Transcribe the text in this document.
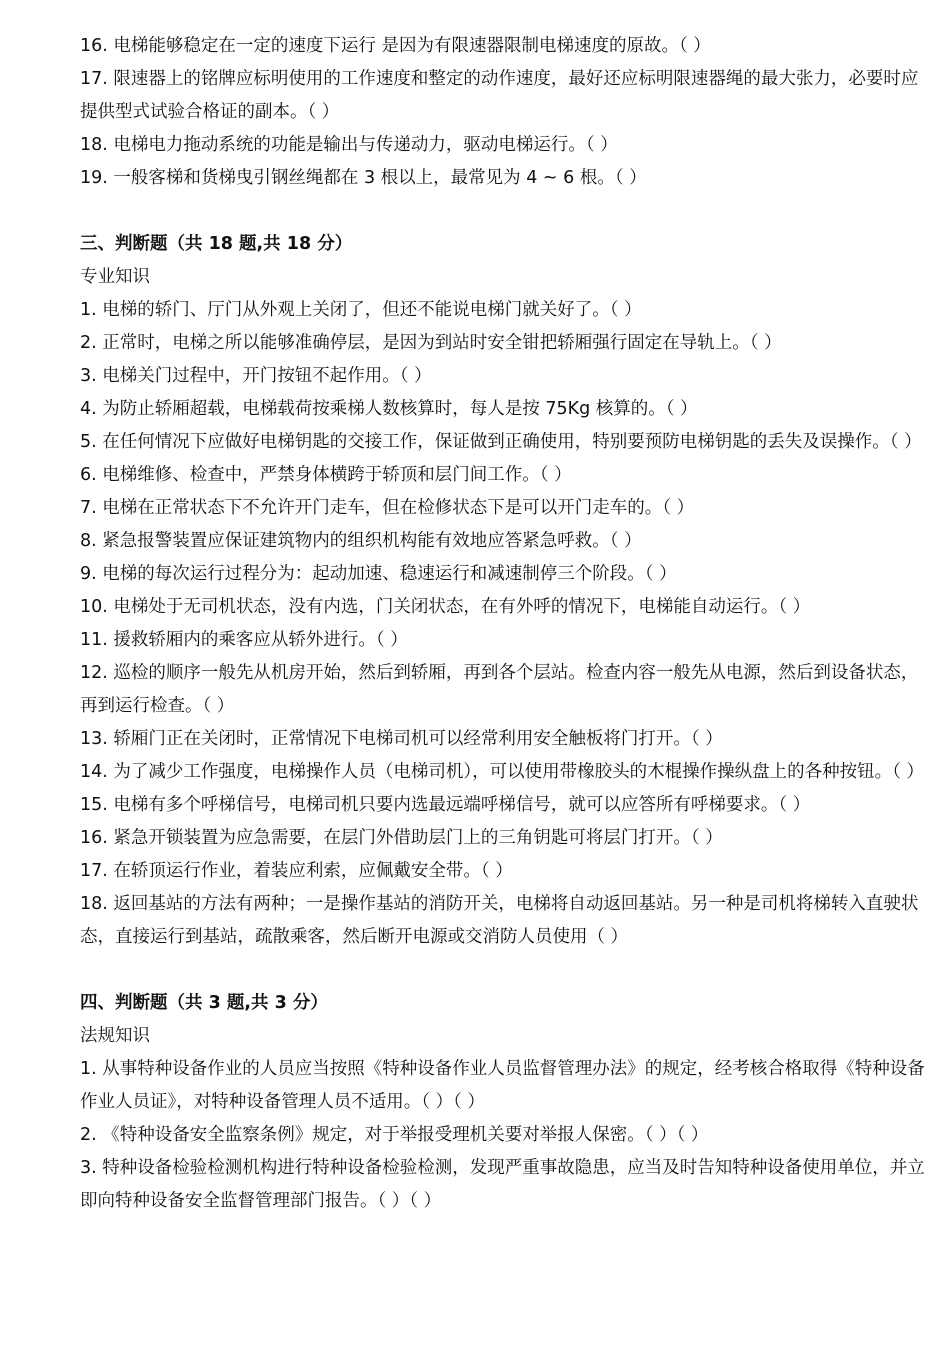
16. 电梯能够稳定在一定的速度下运行 是因为有限速器限制电梯速度的原故。（ ）
17. 限速器上的铭牌应标明使用的工作速度和整定的动作速度，最好还应标明限速器绳的最大张力，必要时应提供型式试验合格证的副本。（ ）
18. 电梯电力拖动系统的功能是输出与传递动力，驱动电梯运行。（ ）
19. 一般客梯和货梯曳引钢丝绳都在 3 根以上，最常见为 4 ~ 6 根。（ ）
三、判断题（共 18 题,共 18 分）
专业知识
1. 电梯的轿门、厅门从外观上关闭了，但还不能说电梯门就关好了。（ ）
2. 正常时，电梯之所以能够准确停层，是因为到站时安全钳把轿厢强行固定在导轨上。（ ）
3. 电梯关门过程中，开门按钮不起作用。（ ）
4. 为防止轿厢超载，电梯载荷按乘梯人数核算时，每人是按 75Kg 核算的。（ ）
5. 在任何情况下应做好电梯钥匙的交接工作，保证做到正确使用，特别要预防电梯钥匙的丢失及误操作。（ ）
6. 电梯维修、检查中，严禁身体横跨于轿顶和层门间工作。（ ）
7. 电梯在正常状态下不允许开门走车，但在检修状态下是可以开门走车的。（ ）
8. 紧急报警装置应保证建筑物内的组织机构能有效地应答紧急呼救。（ ）
9. 电梯的每次运行过程分为：起动加速、稳速运行和减速制停三个阶段。（ ）
10. 电梯处于无司机状态，没有内选，门关闭状态，在有外呼的情况下，电梯能自动运行。（ ）
11. 援救轿厢内的乘客应从轿外进行。（ ）
12. 巡检的顺序一般先从机房开始，然后到轿厢，再到各个层站。检查内容一般先从电源，然后到设备状态，再到运行检查。（ ）
13. 轿厢门正在关闭时，正常情况下电梯司机可以经常利用安全触板将门打开。（ ）
14. 为了减少工作强度，电梯操作人员（电梯司机），可以使用带橡胶头的木棍操作操纵盘上的各种按钮。（ ）
15. 电梯有多个呼梯信号，电梯司机只要内选最远端呼梯信号，就可以应答所有呼梯要求。（ ）
16. 紧急开锁装置为应急需要，在层门外借助层门上的三角钥匙可将层门打开。（ ）
17. 在轿顶运行作业，着装应利索，应佩戴安全带。（ ）
18. 返回基站的方法有两种；一是操作基站的消防开关，电梯将自动返回基站。另一种是司机将梯转入直驶状态，直接运行到基站，疏散乘客，然后断开电源或交消防人员使用（ ）
四、判断题（共 3 题,共 3 分）
法规知识
1. 从事特种设备作业的人员应当按照《特种设备作业人员监督管理办法》的规定，经考核合格取得《特种设备作业人员证》，对特种设备管理人员不适用。（ ）（ ）
2. 《特种设备安全监察条例》规定，对于举报受理机关要对举报人保密。（ ）（ ）
3. 特种设备检验检测机构进行特种设备检验检测，发现严重事故隐患，应当及时告知特种设备使用单位，并立即向特种设备安全监督管理部门报告。（ ）（ ）
